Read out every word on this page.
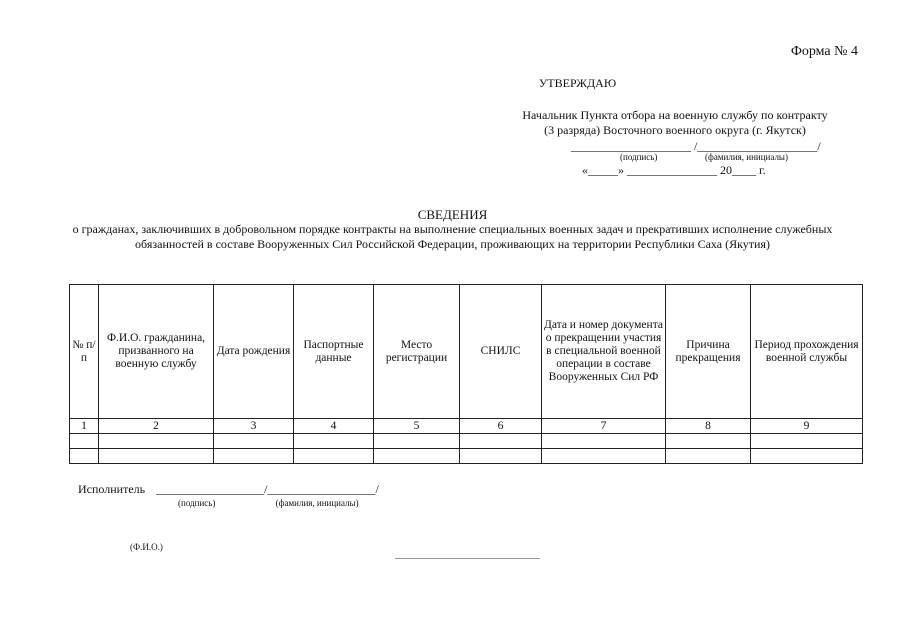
Форма № 4
УТВЕРЖДАЮ
Начальник Пункта отбора на военную службу по контракту
(3 разряда) Восточного военного округа (г. Якутск)
____________________ /____________________/
(подпись)	(фамилия, инициалы)
«_____» _______________ 20____ г.
СВЕДЕНИЯ
о гражданах, заключивших в добровольном порядке контракты на выполнение специальных военных задач и прекративших исполнение служебных обязанностей в составе Вооруженных Сил Российской Федерации, проживающих на территории Республики Саха (Якутия)
№ п/п	Ф.И.О. гражданина, призванного на военную службу	Дата рождения	Паспортные данные	Место регистрации	СНИЛС	Дата и номер документа о прекращении участия в специальной военной операции в составе Вооруженных Сил РФ	Причина прекращения	Период прохождения военной службы
1	2	3	4	5	6	7	8	9

Исполнитель __________________/__________________/
(подпись)	(фамилия, инициалы)
(Ф.И.О.)
